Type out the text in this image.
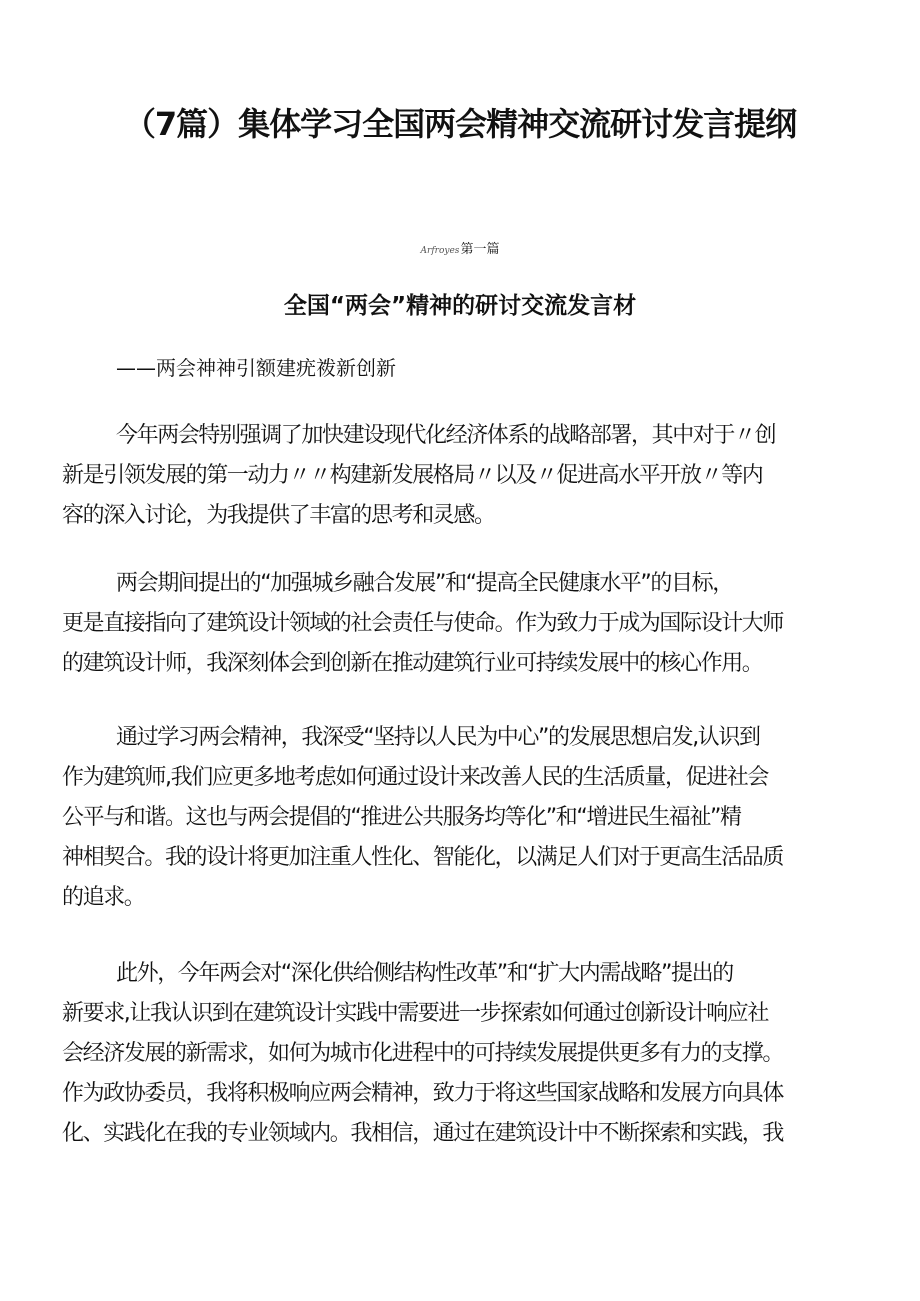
（7篇）集体学习全国两会精神交流研讨发言提纲
Arfroyes第一篇
全国“两会”精神的研讨交流发言材
——两会神神引额建疣袯新创新
今年两会特别强调了加快建设现代化经济体系的战略部署，其中对于〃创
新是引领发展的第一动力〃〃构建新发展格局〃以及〃促进高水平开放〃等内
容的深入讨论，为我提供了丰富的思考和灵感。
两会期间提出的“加强城乡融合发展”和“提高全民健康水平”的目标，
更是直接指向了建筑设计领域的社会责任与使命。作为致力于成为国际设计大师
的建筑设计师，我深刻体会到创新在推动建筑行业可持续发展中的核心作用。
通过学习两会精神，我深受“坚持以人民为中心”的发展思想启发,认识到
作为建筑师,我们应更多地考虑如何通过设计来改善人民的生活质量，促进社会
公平与和谐。这也与两会提倡的“推进公共服务均等化”和“增进民生福祉”精
神相契合。我的设计将更加注重人性化、智能化，以满足人们对于更高生活品质
的追求。
此外，今年两会对“深化供给侧结构性改革”和“扩大内需战略”提出的
新要求,让我认识到在建筑设计实践中需要进一步探索如何通过创新设计响应社
会经济发展的新需求，如何为城市化进程中的可持续发展提供更多有力的支撑。
作为政协委员，我将积极响应两会精神，致力于将这些国家战略和发展方向具体
化、实践化在我的专业领域内。我相信，通过在建筑设计中不断探索和实践，我
